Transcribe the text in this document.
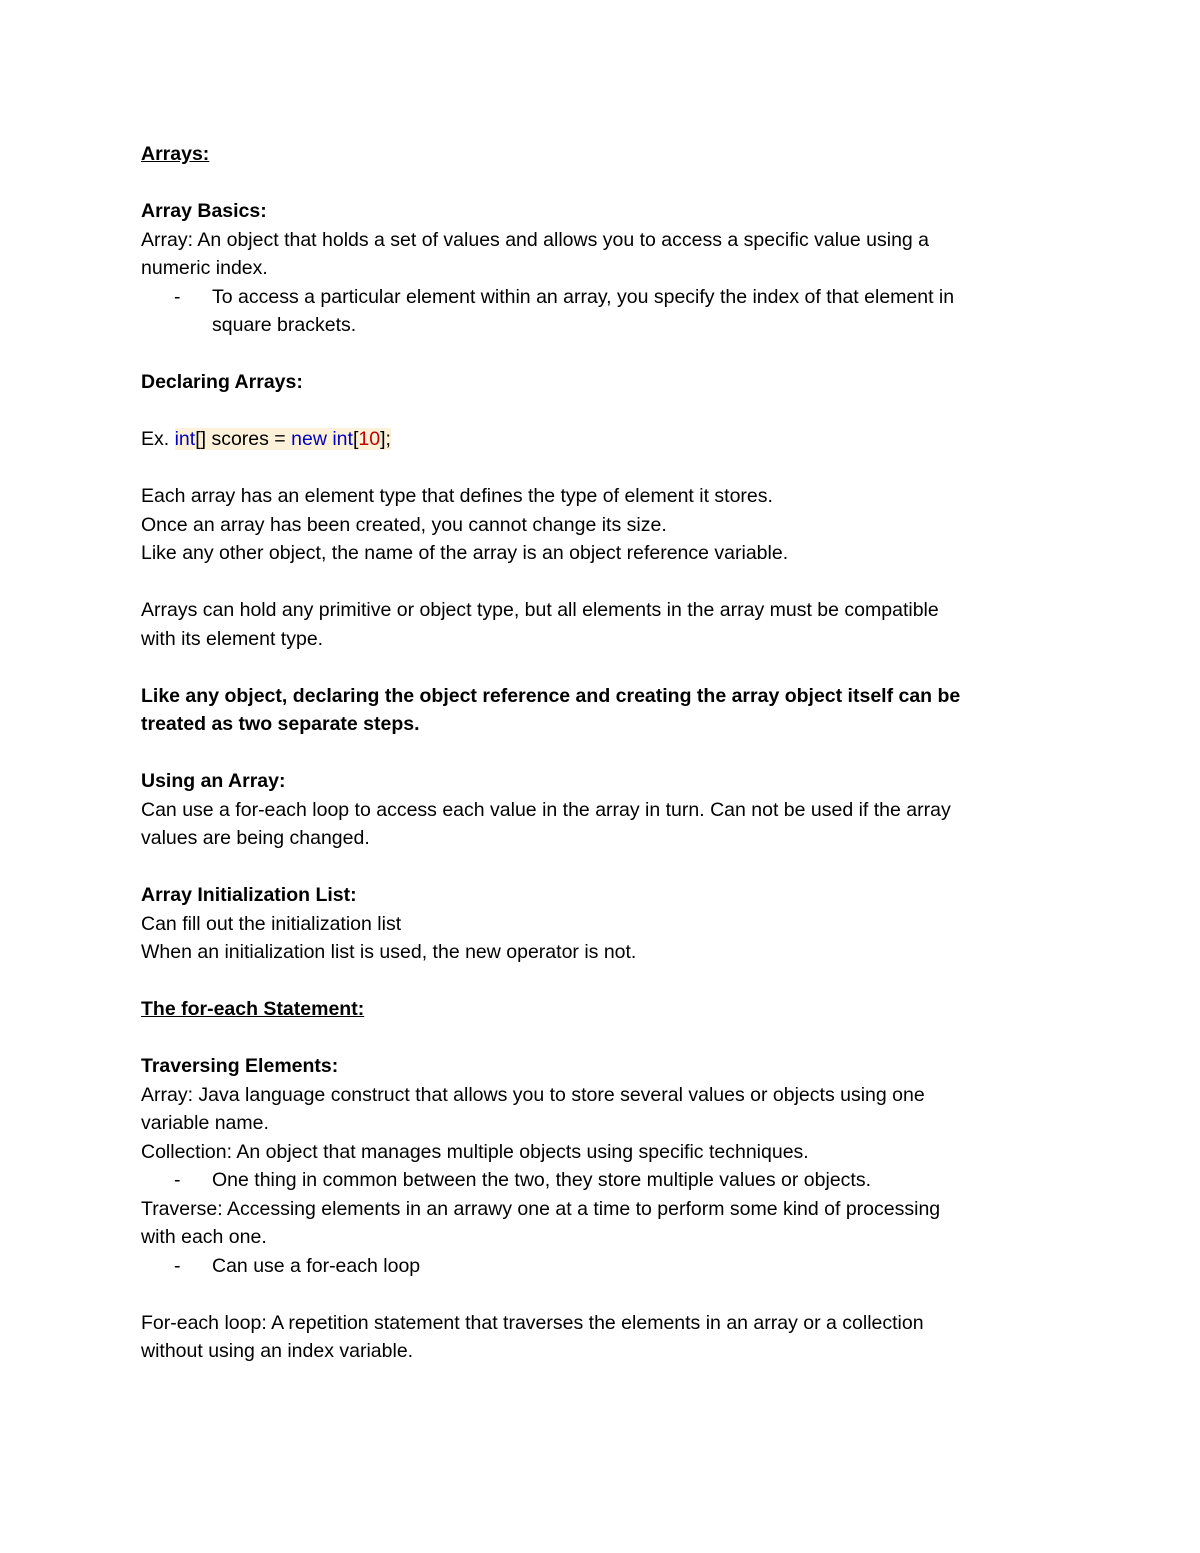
Arrays:
Array Basics:
Array: An object that holds a set of values and allows you to access a specific value using a
numeric index.
- To access a particular element within an array, you specify the index of that element in
square brackets.
Declaring Arrays:
Ex. int[] scores = new int[10];
Each array has an element type that defines the type of element it stores.
Once an array has been created, you cannot change its size.
Like any other object, the name of the array is an object reference variable.
Arrays can hold any primitive or object type, but all elements in the array must be compatible
with its element type.
Like any object, declaring the object reference and creating the array object itself can be
treated as two separate steps.
Using an Array:
Can use a for-each loop to access each value in the array in turn. Can not be used if the array
values are being changed.
Array Initialization List:
Can fill out the initialization list
When an initialization list is used, the new operator is not.
The for-each Statement:
Traversing Elements:
Array: Java language construct that allows you to store several values or objects using one
variable name.
Collection: An object that manages multiple objects using specific techniques.
- One thing in common between the two, they store multiple values or objects.
Traverse: Accessing elements in an arrawy one at a time to perform some kind of processing
with each one.
- Can use a for-each loop
For-each loop: A repetition statement that traverses the elements in an array or a collection
without using an index variable.
